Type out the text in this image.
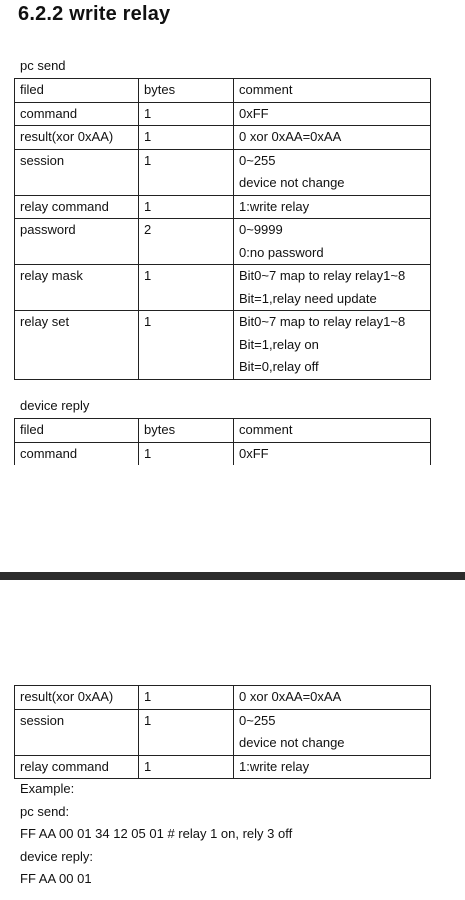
6.2.2 write relay
pc send
filed	bytes	comment
command	1	0xFF

result(xor 0xAA)	1	0 xor 0xAA=0xAA

session	1	0~255
device not change

relay command	1	1:write relay

password	2	0~9999
0:no password

relay mask	1	Bit0~7 map to relay relay1~8
Bit=1,relay need update

relay set	1	Bit0~7 map to relay relay1~8
Bit=1,relay on
Bit=0,relay off
device reply
filed	bytes	comment
command	1	0xFF
result(xor 0xAA)	1	0 xor 0xAA=0xAA

session	1	0~255
device not change

relay command	1	1:write relay
Example:
pc send:
FF AA 00 01 34 12 05 01 # relay 1 on, rely 3 off
device reply:
FF AA 00 01
